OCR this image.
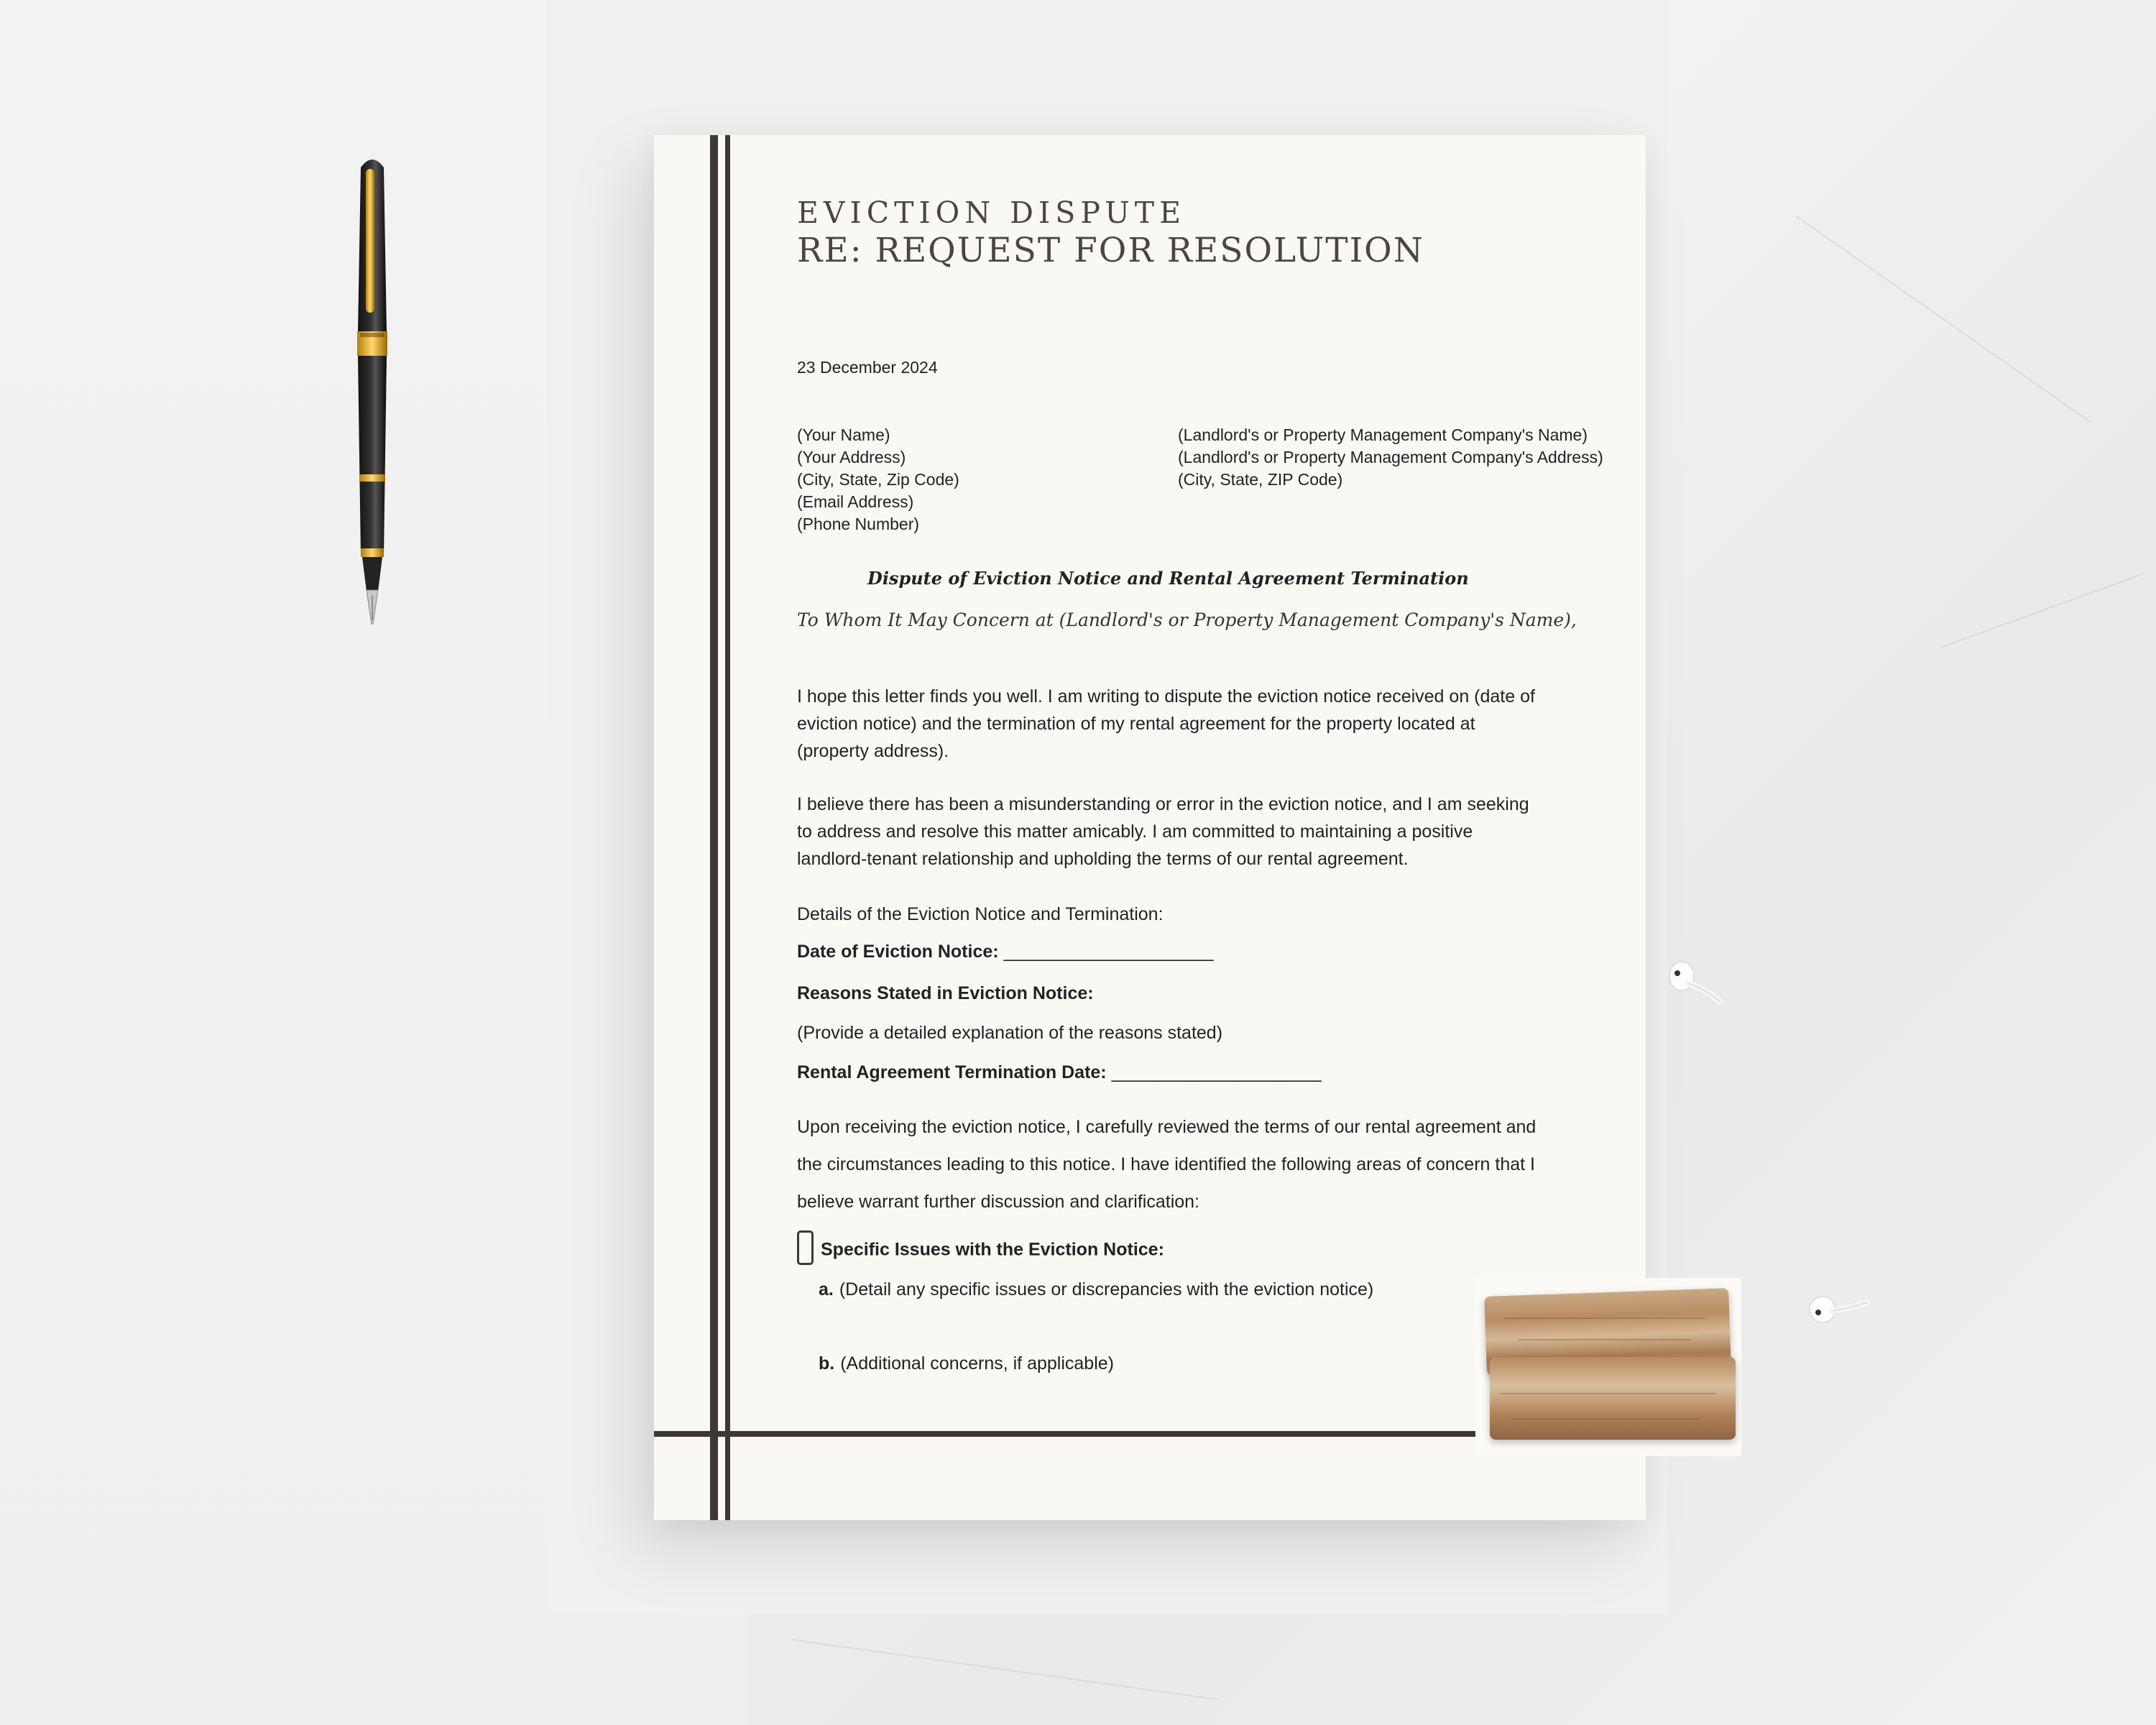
EVICTION DISPUTE
RE: REQUEST FOR RESOLUTION
23 December 2024
(Your Name)
(Your Address)
(City, State, Zip Code)
(Email Address)
(Phone Number)
(Landlord's or Property Management Company's Name)
(Landlord's or Property Management Company's Address)
(City, State, ZIP Code)
Dispute of Eviction Notice and Rental Agreement Termination
To Whom It May Concern at (Landlord's or Property Management Company's Name),
I hope this letter finds you well. I am writing to dispute the eviction notice received on (date of eviction notice) and the termination of my rental agreement for the property located at (property address).
I believe there has been a misunderstanding or error in the eviction notice, and I am seeking to address and resolve this matter amicably. I am committed to maintaining a positive landlord-tenant relationship and upholding the terms of our rental agreement.
Details of the Eviction Notice and Termination:
Date of Eviction Notice: _____________________
Reasons Stated in Eviction Notice:
(Provide a detailed explanation of the reasons stated)
Rental Agreement Termination Date: _____________________
Upon receiving the eviction notice, I carefully reviewed the terms of our rental agreement and the circumstances leading to this notice. I have identified the following areas of concern that I believe warrant further discussion and clarification:
Specific Issues with the Eviction Notice:
a. (Detail any specific issues or discrepancies with the eviction notice)
b. (Additional concerns, if applicable)
